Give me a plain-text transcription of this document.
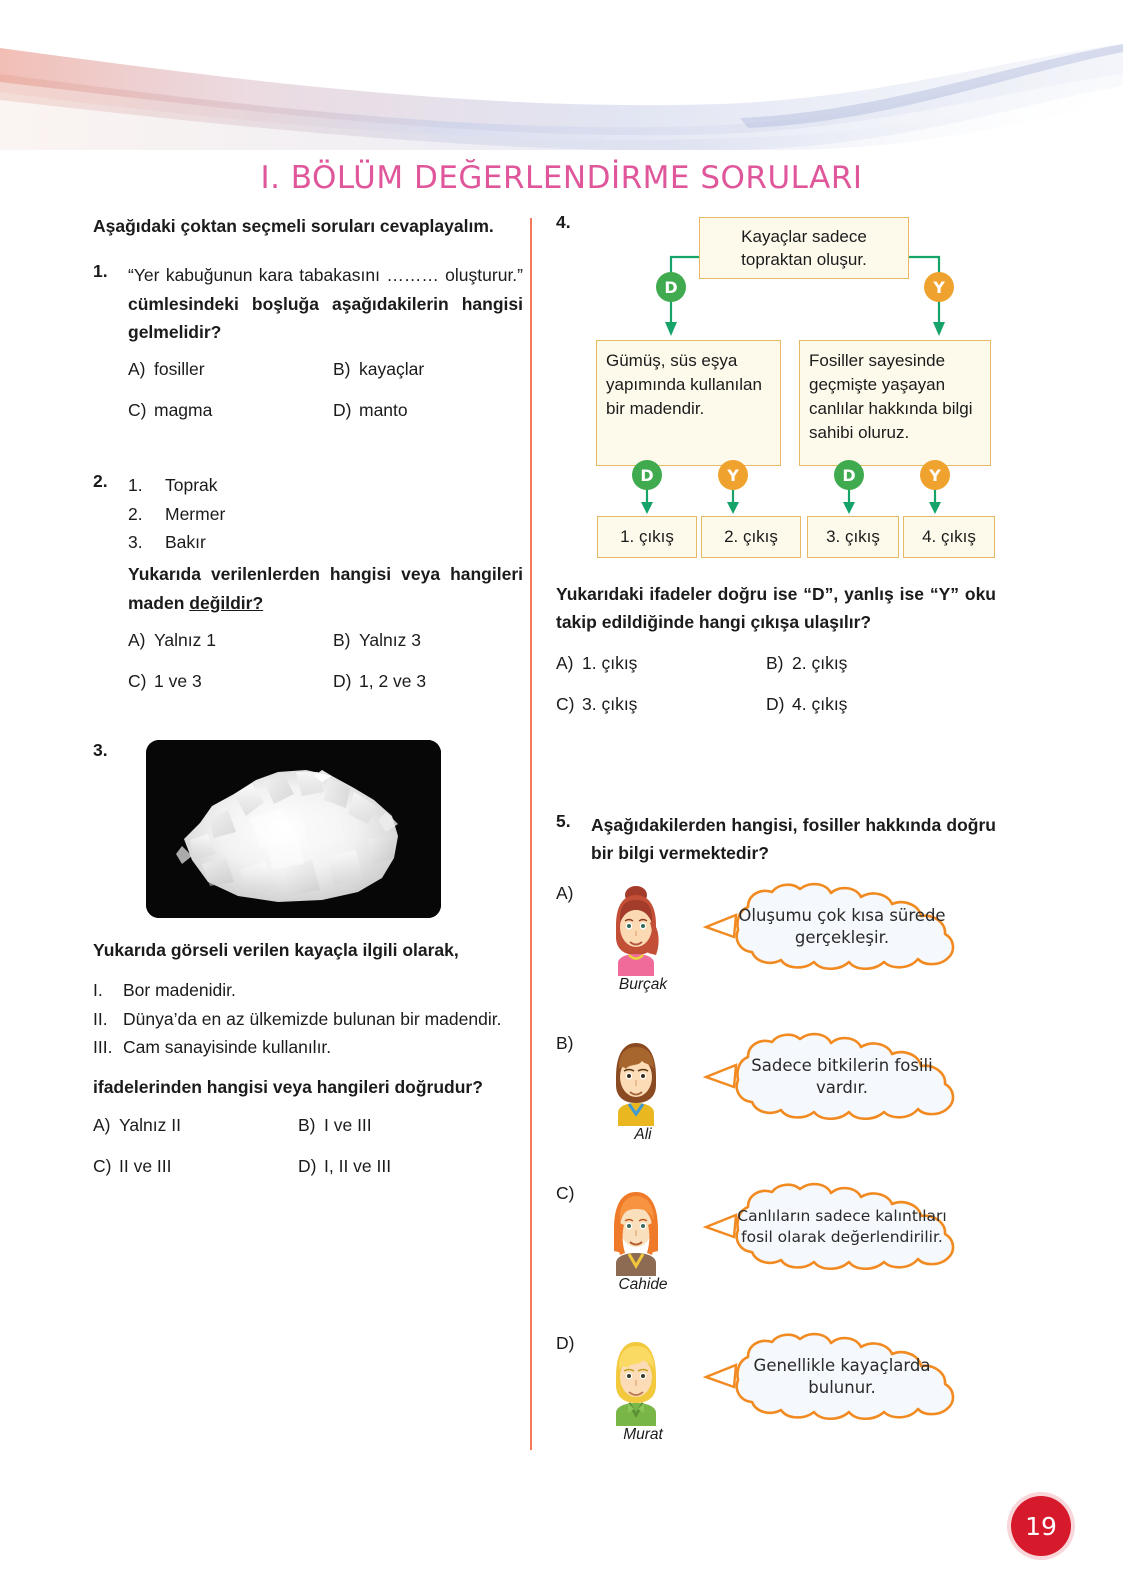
I. BÖLÜM DEĞERLENDİRME SORULARI
Aşağıdaki çoktan seçmeli soruları cevaplayalım.
1. “Yer kabuğunun kara tabakasını ……… oluşturur.” cümlesindeki boşluğa aşağıdakilerin hangisi gelmelidir?
A) fosiller	B) kayaçlar
C) magma	D) manto
2. 1.	Toprak
2.	Mermer
3.	Bakır
Yukarıda verilenlerden hangisi veya hangileri maden değildir?
A) Yalnız 1	B) Yalnız 3
C) 1 ve 3	D) 1, 2 ve 3
3.
Yukarıda görseli verilen kayaçla ilgili olarak,
I.	Bor madenidir.
II. Dünya’da en az ülkemizde bulunan bir madendir.
III. Cam sanayisinde kullanılır.
ifadelerinden hangisi veya hangileri doğrudur?
A) Yalnız II	B) I ve III
C) II ve III	D) I, II ve III
4.
Kayaçlar sadece topraktan oluşur.
D	Y
Gümüş, süs eşya yapımında kullanılan bir madendir.
Fosiller sayesinde geçmişte yaşayan canlılar hakkında bilgi sahibi oluruz.
D	Y	D	Y
1. çıkış	2. çıkış	3. çıkış	4. çıkış
Yukarıdaki ifadeler doğru ise “D”, yanlış ise “Y” oku takip edildiğinde hangi çıkışa ulaşılır?
A) 1. çıkış	B) 2. çıkış
C) 3. çıkış	D) 4. çıkış
5. Aşağıdakilerden hangisi, fosiller hakkında doğru bir bilgi vermektedir?
A)
Burçak
Oluşumu çok kısa sürede
gerçekleşir.
B)
Ali
Sadece bitkilerin fosili
vardır.
C)
Cahide
Canlıların sadece kalıntıları
fosil olarak değerlendirilir.
D)
Murat
Genellikle kayaçlarda
bulunur.
19
